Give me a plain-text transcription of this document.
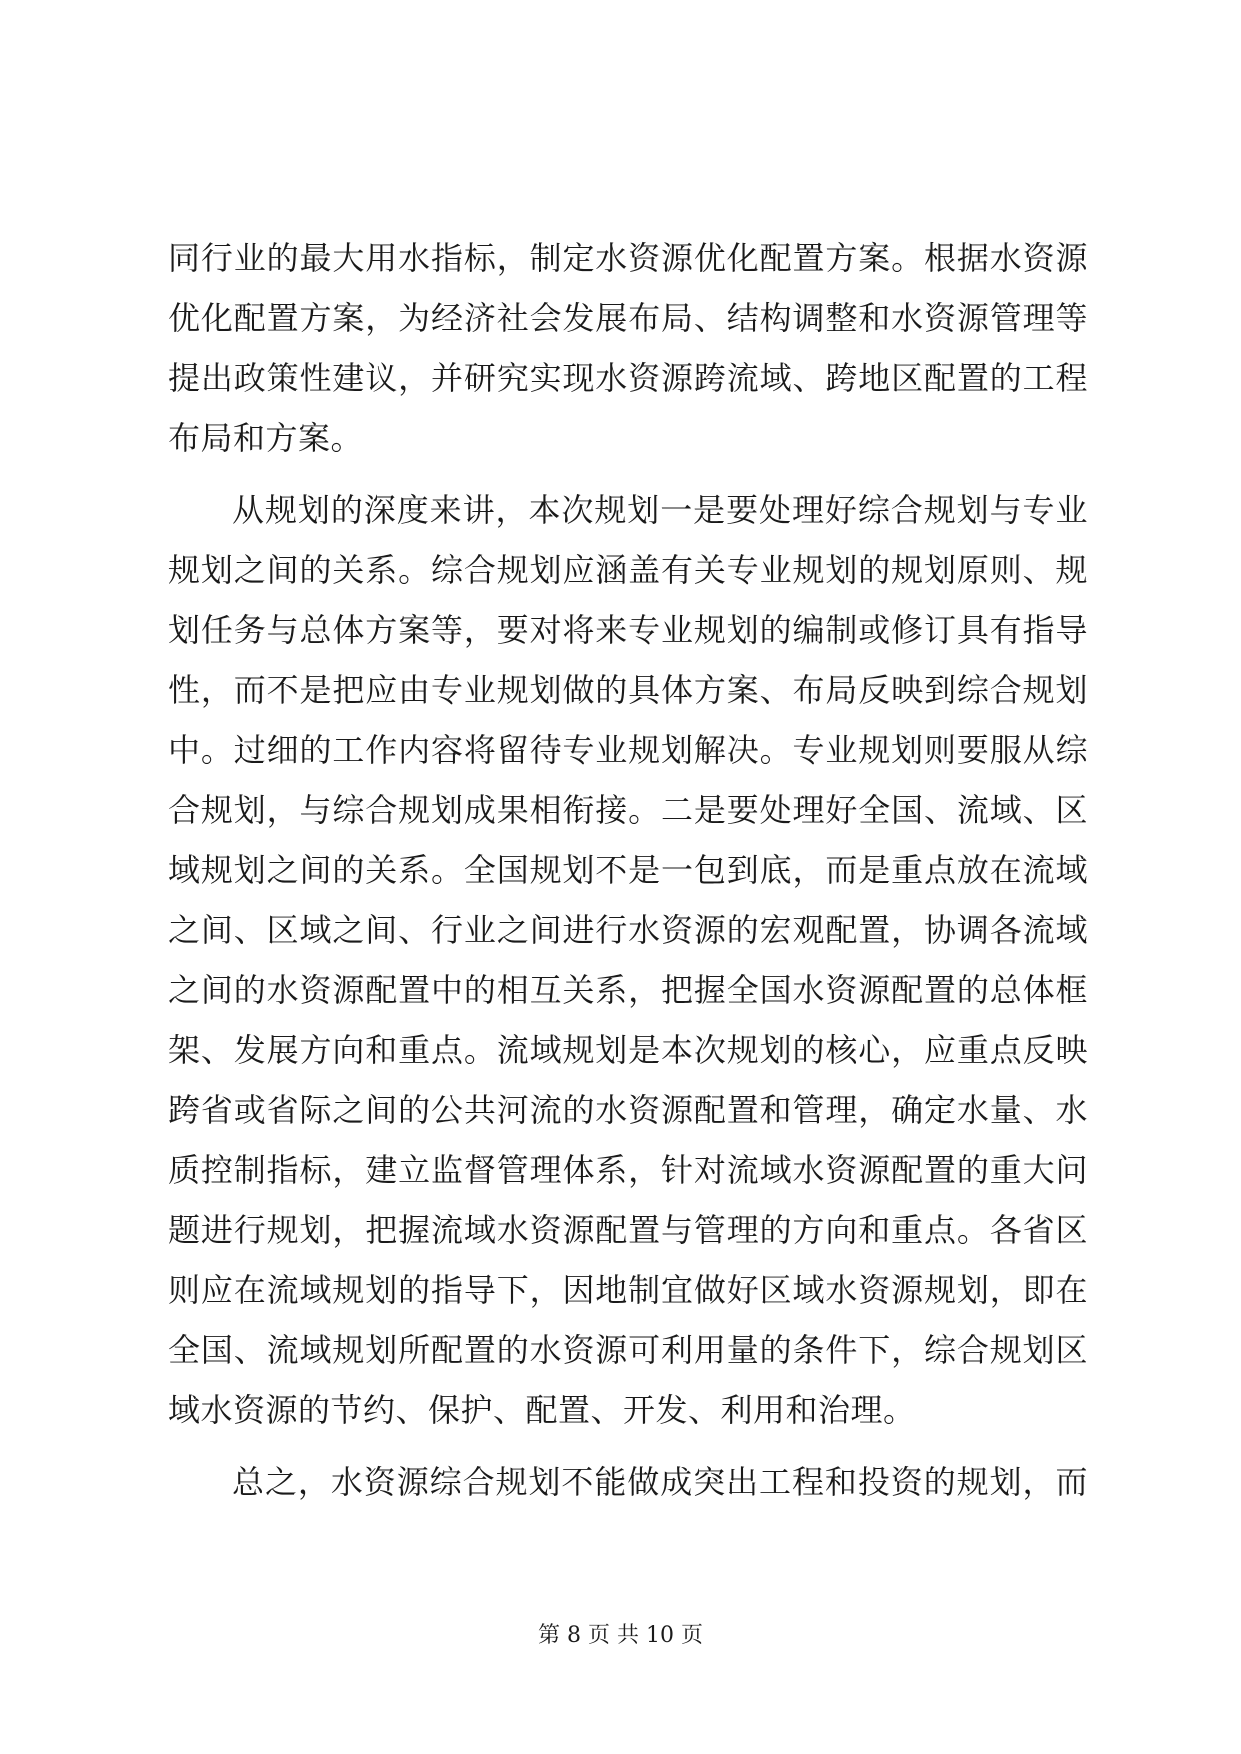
同行业的最大用水指标，制定水资源优化配置方案。根据水资源
优化配置方案，为经济社会发展布局、结构调整和水资源管理等
提出政策性建议，并研究实现水资源跨流域、跨地区配置的工程
布局和方案。
从规划的深度来讲，本次规划一是要处理好综合规划与专业
规划之间的关系。综合规划应涵盖有关专业规划的规划原则、规
划任务与总体方案等，要对将来专业规划的编制或修订具有指导
性，而不是把应由专业规划做的具体方案、布局反映到综合规划
中。过细的工作内容将留待专业规划解决。专业规划则要服从综
合规划，与综合规划成果相衔接。二是要处理好全国、流域、区
域规划之间的关系。全国规划不是一包到底，而是重点放在流域
之间、区域之间、行业之间进行水资源的宏观配置，协调各流域
之间的水资源配置中的相互关系，把握全国水资源配置的总体框
架、发展方向和重点。流域规划是本次规划的核心，应重点反映
跨省或省际之间的公共河流的水资源配置和管理，确定水量、水
质控制指标，建立监督管理体系，针对流域水资源配置的重大问
题进行规划，把握流域水资源配置与管理的方向和重点。各省区
则应在流域规划的指导下，因地制宜做好区域水资源规划，即在
全国、流域规划所配置的水资源可利用量的条件下，综合规划区
域水资源的节约、保护、配置、开发、利用和治理。
总之，水资源综合规划不能做成突出工程和投资的规划，而
第 8 页 共 10 页
